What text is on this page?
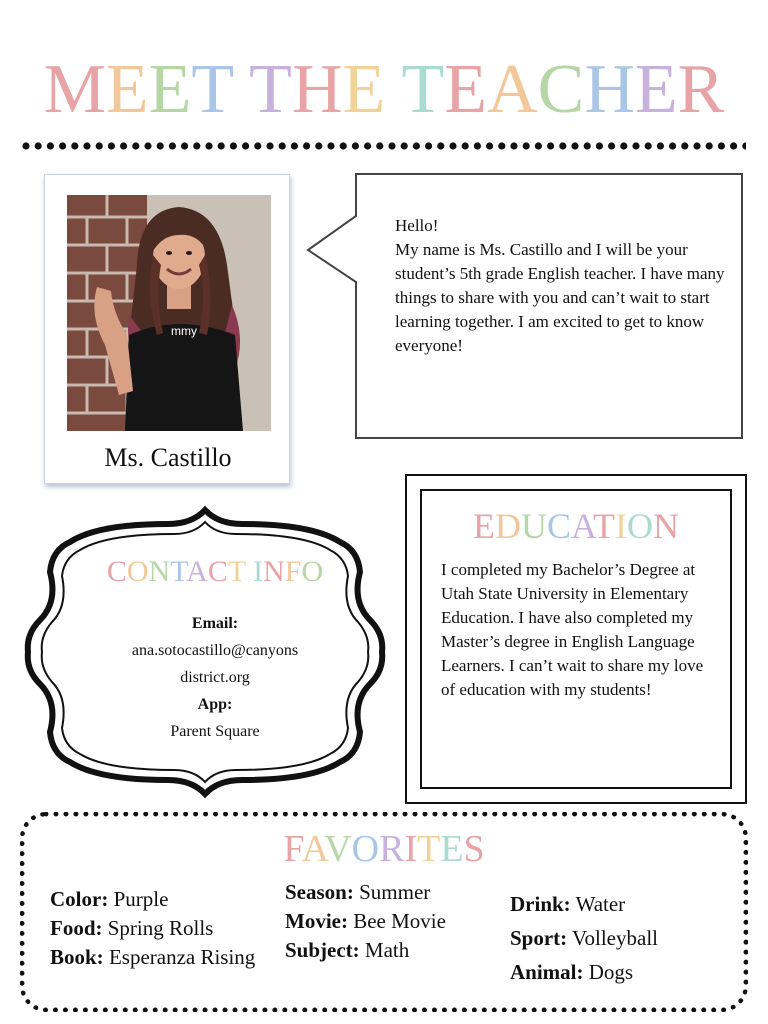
MEET THE TEACHER
mmy
Ms. Castillo
Hello!
My name is Ms. Castillo and I will be your student’s 5th grade English teacher. I have many things to share with you and can’t wait to start learning together. I am excited to get to know everyone!
CONTACT INFO
Email:
ana.sotocastillo@canyons
district.org
App:
Parent Square
EDUCATION
I completed my Bachelor’s Degree at Utah State University in Elementary Education. I have also completed my Master’s degree in English Language Learners. I can’t wait to share my love of education with my students!
FAVORITES
Color: Purple
Food: Spring Rolls
Book: Esperanza Rising
Season: Summer
Movie: Bee Movie
Subject: Math
Drink: Water
Sport: Volleyball
Animal: Dogs
